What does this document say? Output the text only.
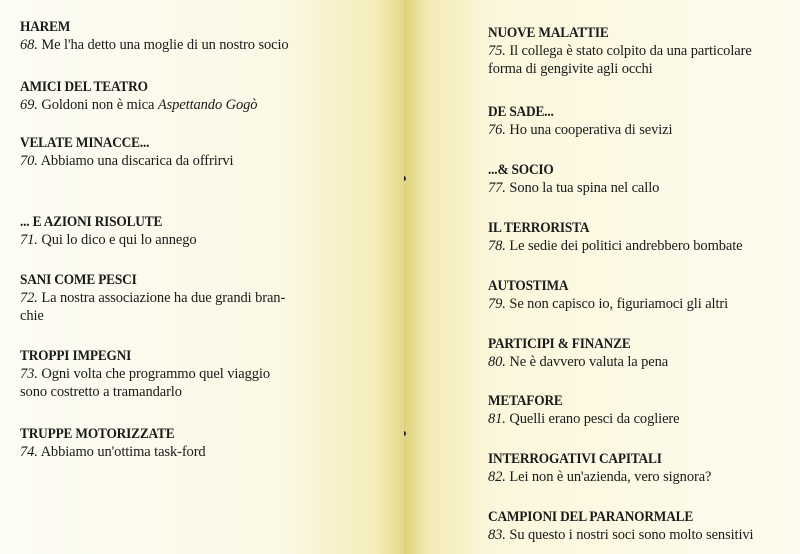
HAREM
68. Me l'ha detto una moglie di un nostro socio
AMICI DEL TEATRO
69. Goldoni non è mica Aspettando Gogò
VELATE MINACCE...
70. Abbiamo una discarica da offrirvi
... E AZIONI RISOLUTE
71. Qui lo dico e qui lo annego
SANI COME PESCI
72. La nostra associazione ha due grandi bran-
chie
TROPPI IMPEGNI
73. Ogni volta che programmo quel viaggio
sono costretto a tramandarlo
TRUPPE MOTORIZZATE
74. Abbiamo un'ottima task-ford
NUOVE MALATTIE
75. Il collega è stato colpito da una particolare
forma di gengivite agli occhi
DE SADE...
76. Ho una cooperativa di sevizi
...& SOCIO
77. Sono la tua spina nel callo
IL TERRORISTA
78. Le sedie dei politici andrebbero bombate
AUTOSTIMA
79. Se non capisco io, figuriamoci gli altri
PARTICIPI & FINANZE
80. Ne è davvero valuta la pena
METAFORE
81. Quelli erano pesci da cogliere
INTERROGATIVI CAPITALI
82. Lei non è un'azienda, vero signora?
CAMPIONI DEL PARANORMALE
83. Su questo i nostri soci sono molto sensitivi
